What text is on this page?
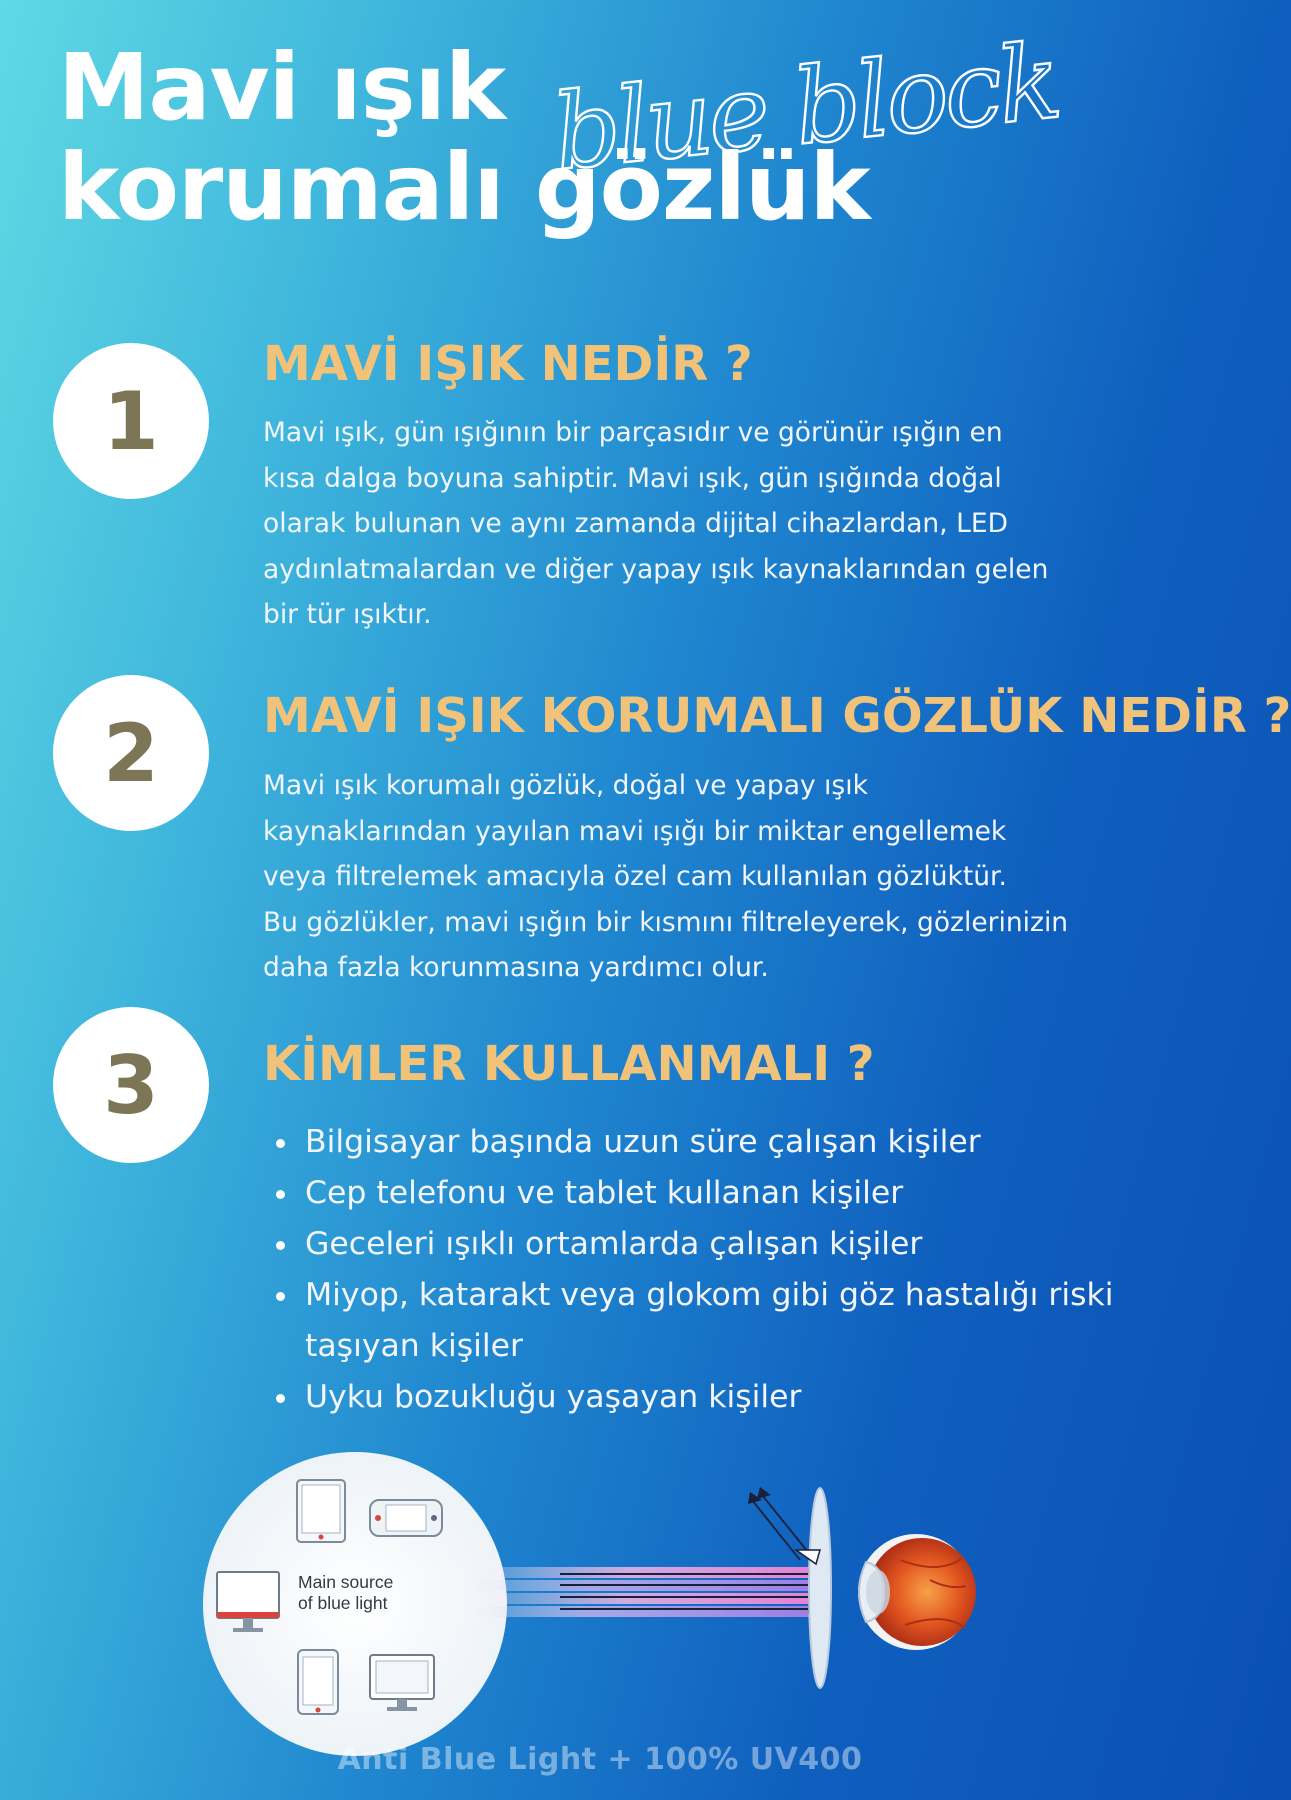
Mavi ışık
korumalı gözlük
blue block
1
MAVİ IŞIK NEDİR ?
Mavi ışık, gün ışığının bir parçasıdır ve görünür ışığın en
kısa dalga boyuna sahiptir. Mavi ışık, gün ışığında doğal
olarak bulunan ve aynı zamanda dijital cihazlardan, LED
aydınlatmalardan ve diğer yapay ışık kaynaklarından gelen
bir tür ışıktır.
2	MAVİ IŞIK KORUMALI GÖZLÜK NEDİR ?
Mavi ışık korumalı gözlük, doğal ve yapay ışık
kaynaklarından yayılan mavi ışığı bir miktar engellemek
veya filtrelemek amacıyla özel cam kullanılan gözlüktür.
Bu gözlükler, mavi ışığın bir kısmını filtreleyerek, gözlerinizin
daha fazla korunmasına yardımcı olur.
3	KİMLER KULLANMALI ?
Bilgisayar başında uzun süre çalışan kişiler
Cep telefonu ve tablet kullanan kişiler
Geceleri ışıklı ortamlarda çalışan kişiler
Miyop, katarakt veya glokom gibi göz hastalığı riski taşıyan kişiler
Uyku bozukluğu yaşayan kişiler
Main source
of blue light

Anti Blue Light + 100% UV400
